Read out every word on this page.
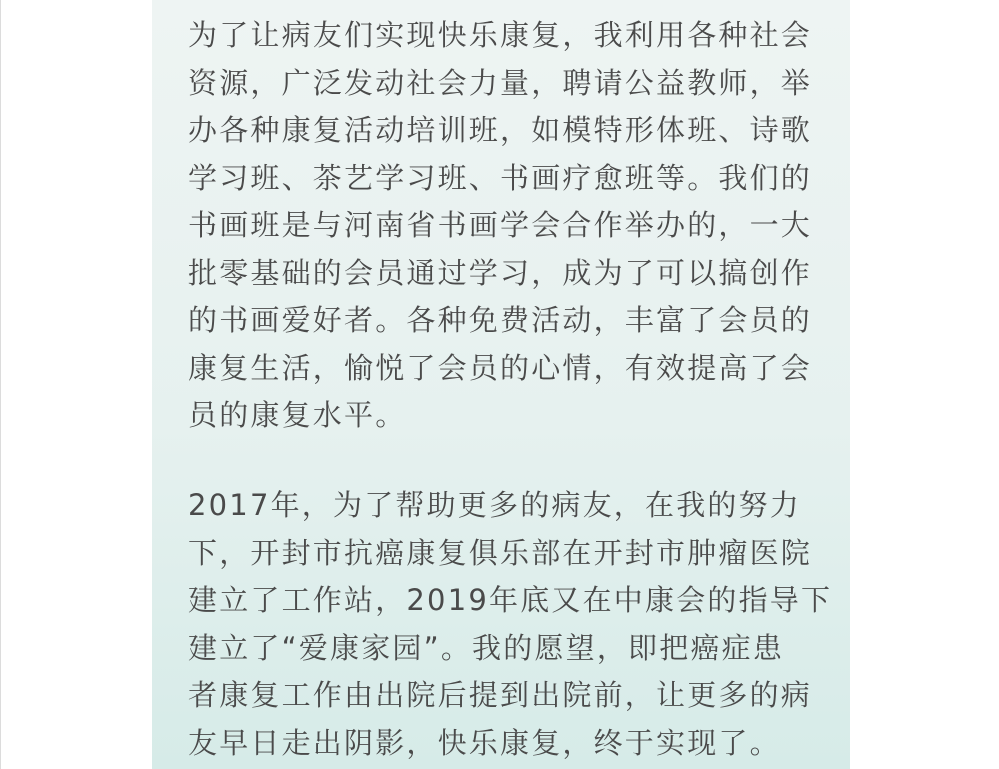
为了让病友们实现快乐康复，我利用各种社会
资源，广泛发动社会力量，聘请公益教师，举
办各种康复活动培训班，如模特形体班、诗歌
学习班、茶艺学习班、书画疗愈班等。我们的
书画班是与河南省书画学会合作举办的，一大
批零基础的会员通过学习，成为了可以搞创作
的书画爱好者。各种免费活动，丰富了会员的
康复生活，愉悦了会员的心情，有效提高了会
员的康复水平。

2017年，为了帮助更多的病友，在我的努力
下，开封市抗癌康复俱乐部在开封市肿瘤医院
建立了工作站，2019年底又在中康会的指导下
建立了“爱康家园”。我的愿望，即把癌症患
者康复工作由出院后提到出院前，让更多的病
友早日走出阴影，快乐康复，终于实现了。
